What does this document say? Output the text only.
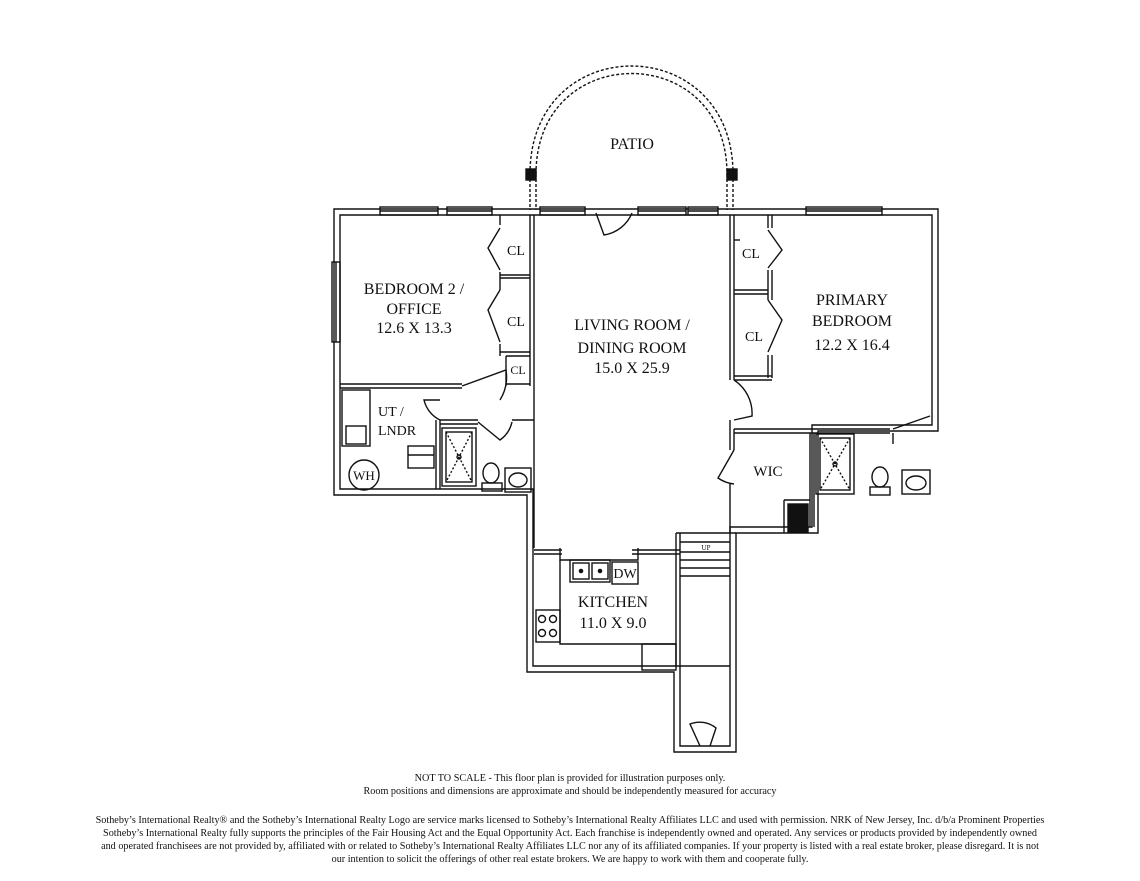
PATIO
BEDROOM 2 /
OFFICE
12.6 X 13.3	LIVING ROOM /
DINING ROOM
15.0 X 25.9
PRIMARY
BEDROOM
12.2 X 16.4
UT /
LNDR
WH	WIC
KITCHEN
11.0 X 9.0
DW
UP
CL
CL
CL
CL
CL
NOT TO SCALE - This floor plan is provided for illustration purposes only.
Room positions and dimensions are approximate and should be independently measured for accuracy
Sotheby’s International Realty® and the Sotheby’s International Realty Logo are service marks licensed to Sotheby’s International Realty Affiliates LLC and used with permission. NRK of New Jersey, Inc. d/b/a Prominent Properties
Sotheby’s International Realty fully supports the principles of the Fair Housing Act and the Equal Opportunity Act. Each franchise is independently owned and operated. Any services or products provided by independently owned
and operated franchisees are not provided by, affiliated with or related to Sotheby’s International Realty Affiliates LLC nor any of its affiliated companies. If your property is listed with a real estate broker, please disregard. It is not
our intention to solicit the offerings of other real estate brokers. We are happy to work with them and cooperate fully.
